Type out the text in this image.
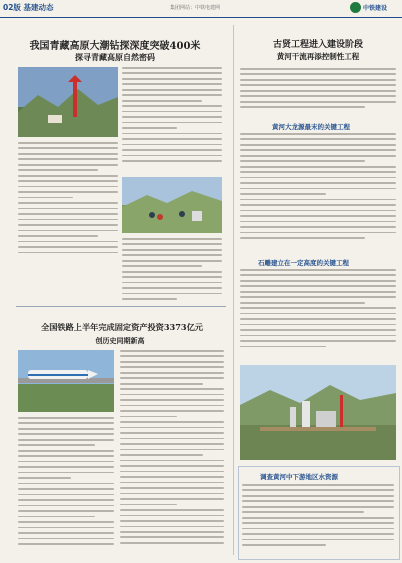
02版 基建动态	集团网站：中铁电建网	中铁建设
我国青藏高原大潮钻探深度突破400米
探寻青藏高原自然密码
全国铁路上半年完成固定资产投资3373亿元
创历史同期新高
古贤工程进入建设阶段
黄河干流再添控制性工程
黄河大龙源最末的关键工程
石雕建立在一定高度的关键工程
调查黄河中下游地区水资源
